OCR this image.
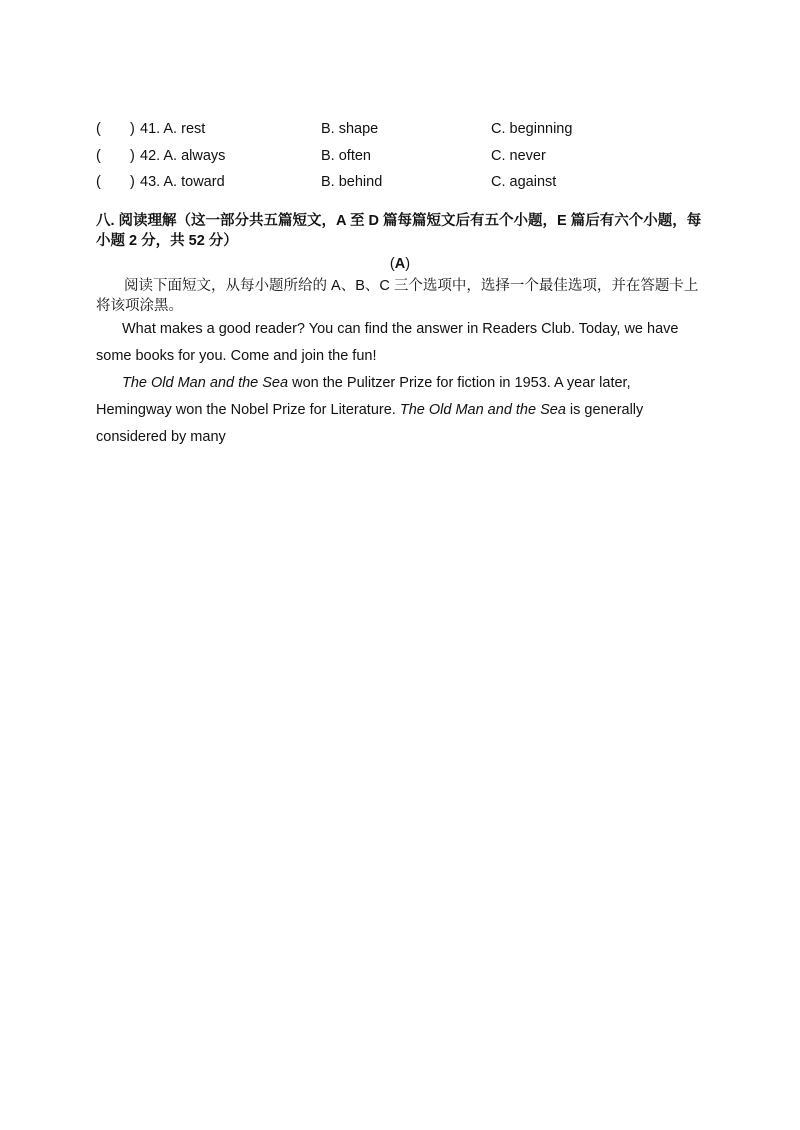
( ) 41. A. rest	B. shape	C. beginning
( ) 42. A. always	B. often	C. never
( ) 43. A. toward	B. behind	C. against
八. 阅读理解（这一部分共五篇短文，A 至 D 篇每篇短文后有五个小题，E 篇后有六个小题，每小题 2 分，共 52 分）
(A)
阅读下面短文，从每小题所给的 A、B、C 三个选项中，选择一个最佳选项，并在答题卡上将该项涂黑。
What makes a good reader? You can find the answer in Readers Club. Today, we have some books for you. Come and join the fun!
The Old Man and the Sea won the Pulitzer Prize for fiction in 1953. A year later, Hemingway won the Nobel Prize for Literature. The Old Man and the Sea is generally considered by many
